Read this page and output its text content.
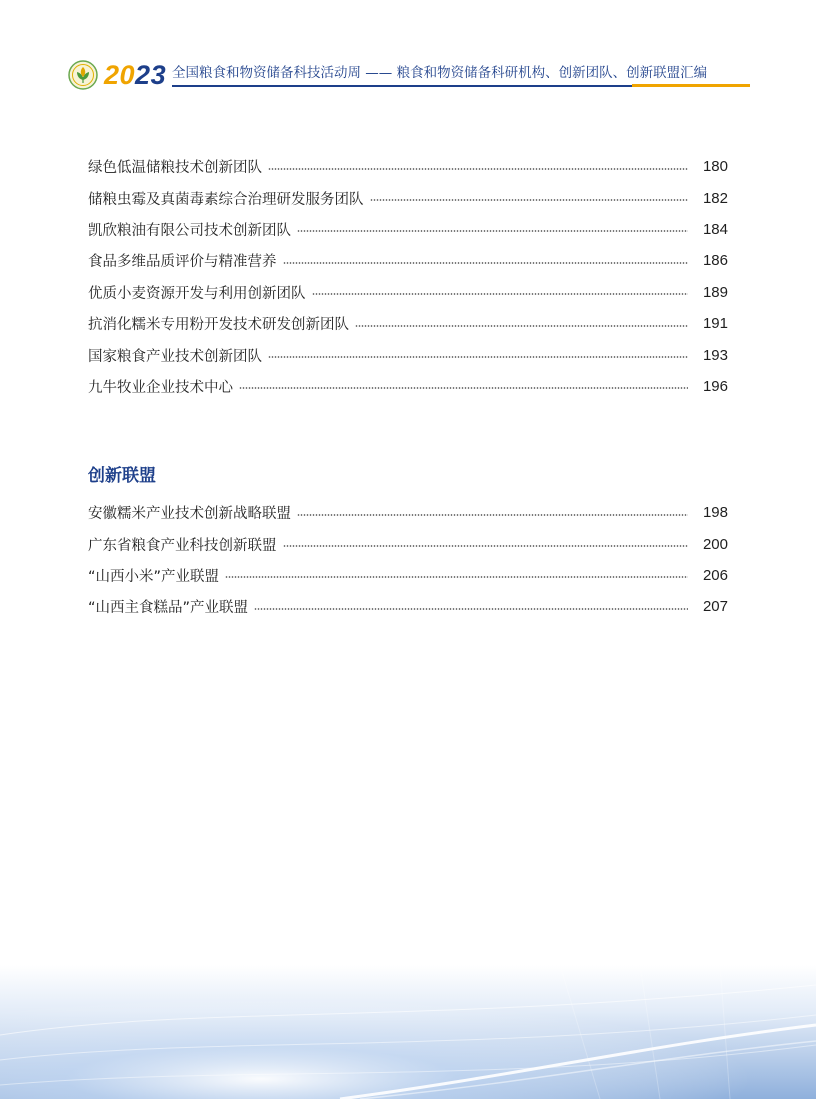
2023 全国粮食和物资储备科技活动周 —— 粮食和物资储备科研机构、创新团队、创新联盟汇编
绿色低温储粮技术创新团队	180
储粮虫霉及真菌毒素综合治理研发服务团队	182
凯欣粮油有限公司技术创新团队	184
食品多维品质评价与精准营养	186
优质小麦资源开发与利用创新团队	189
抗消化糯米专用粉开发技术研发创新团队	191
国家粮食产业技术创新团队	193
九牛牧业企业技术中心	196
创新联盟
安徽糯米产业技术创新战略联盟	198
广东省粮食产业科技创新联盟	200
“山西小米”产业联盟	206
“山西主食糕品”产业联盟	207
